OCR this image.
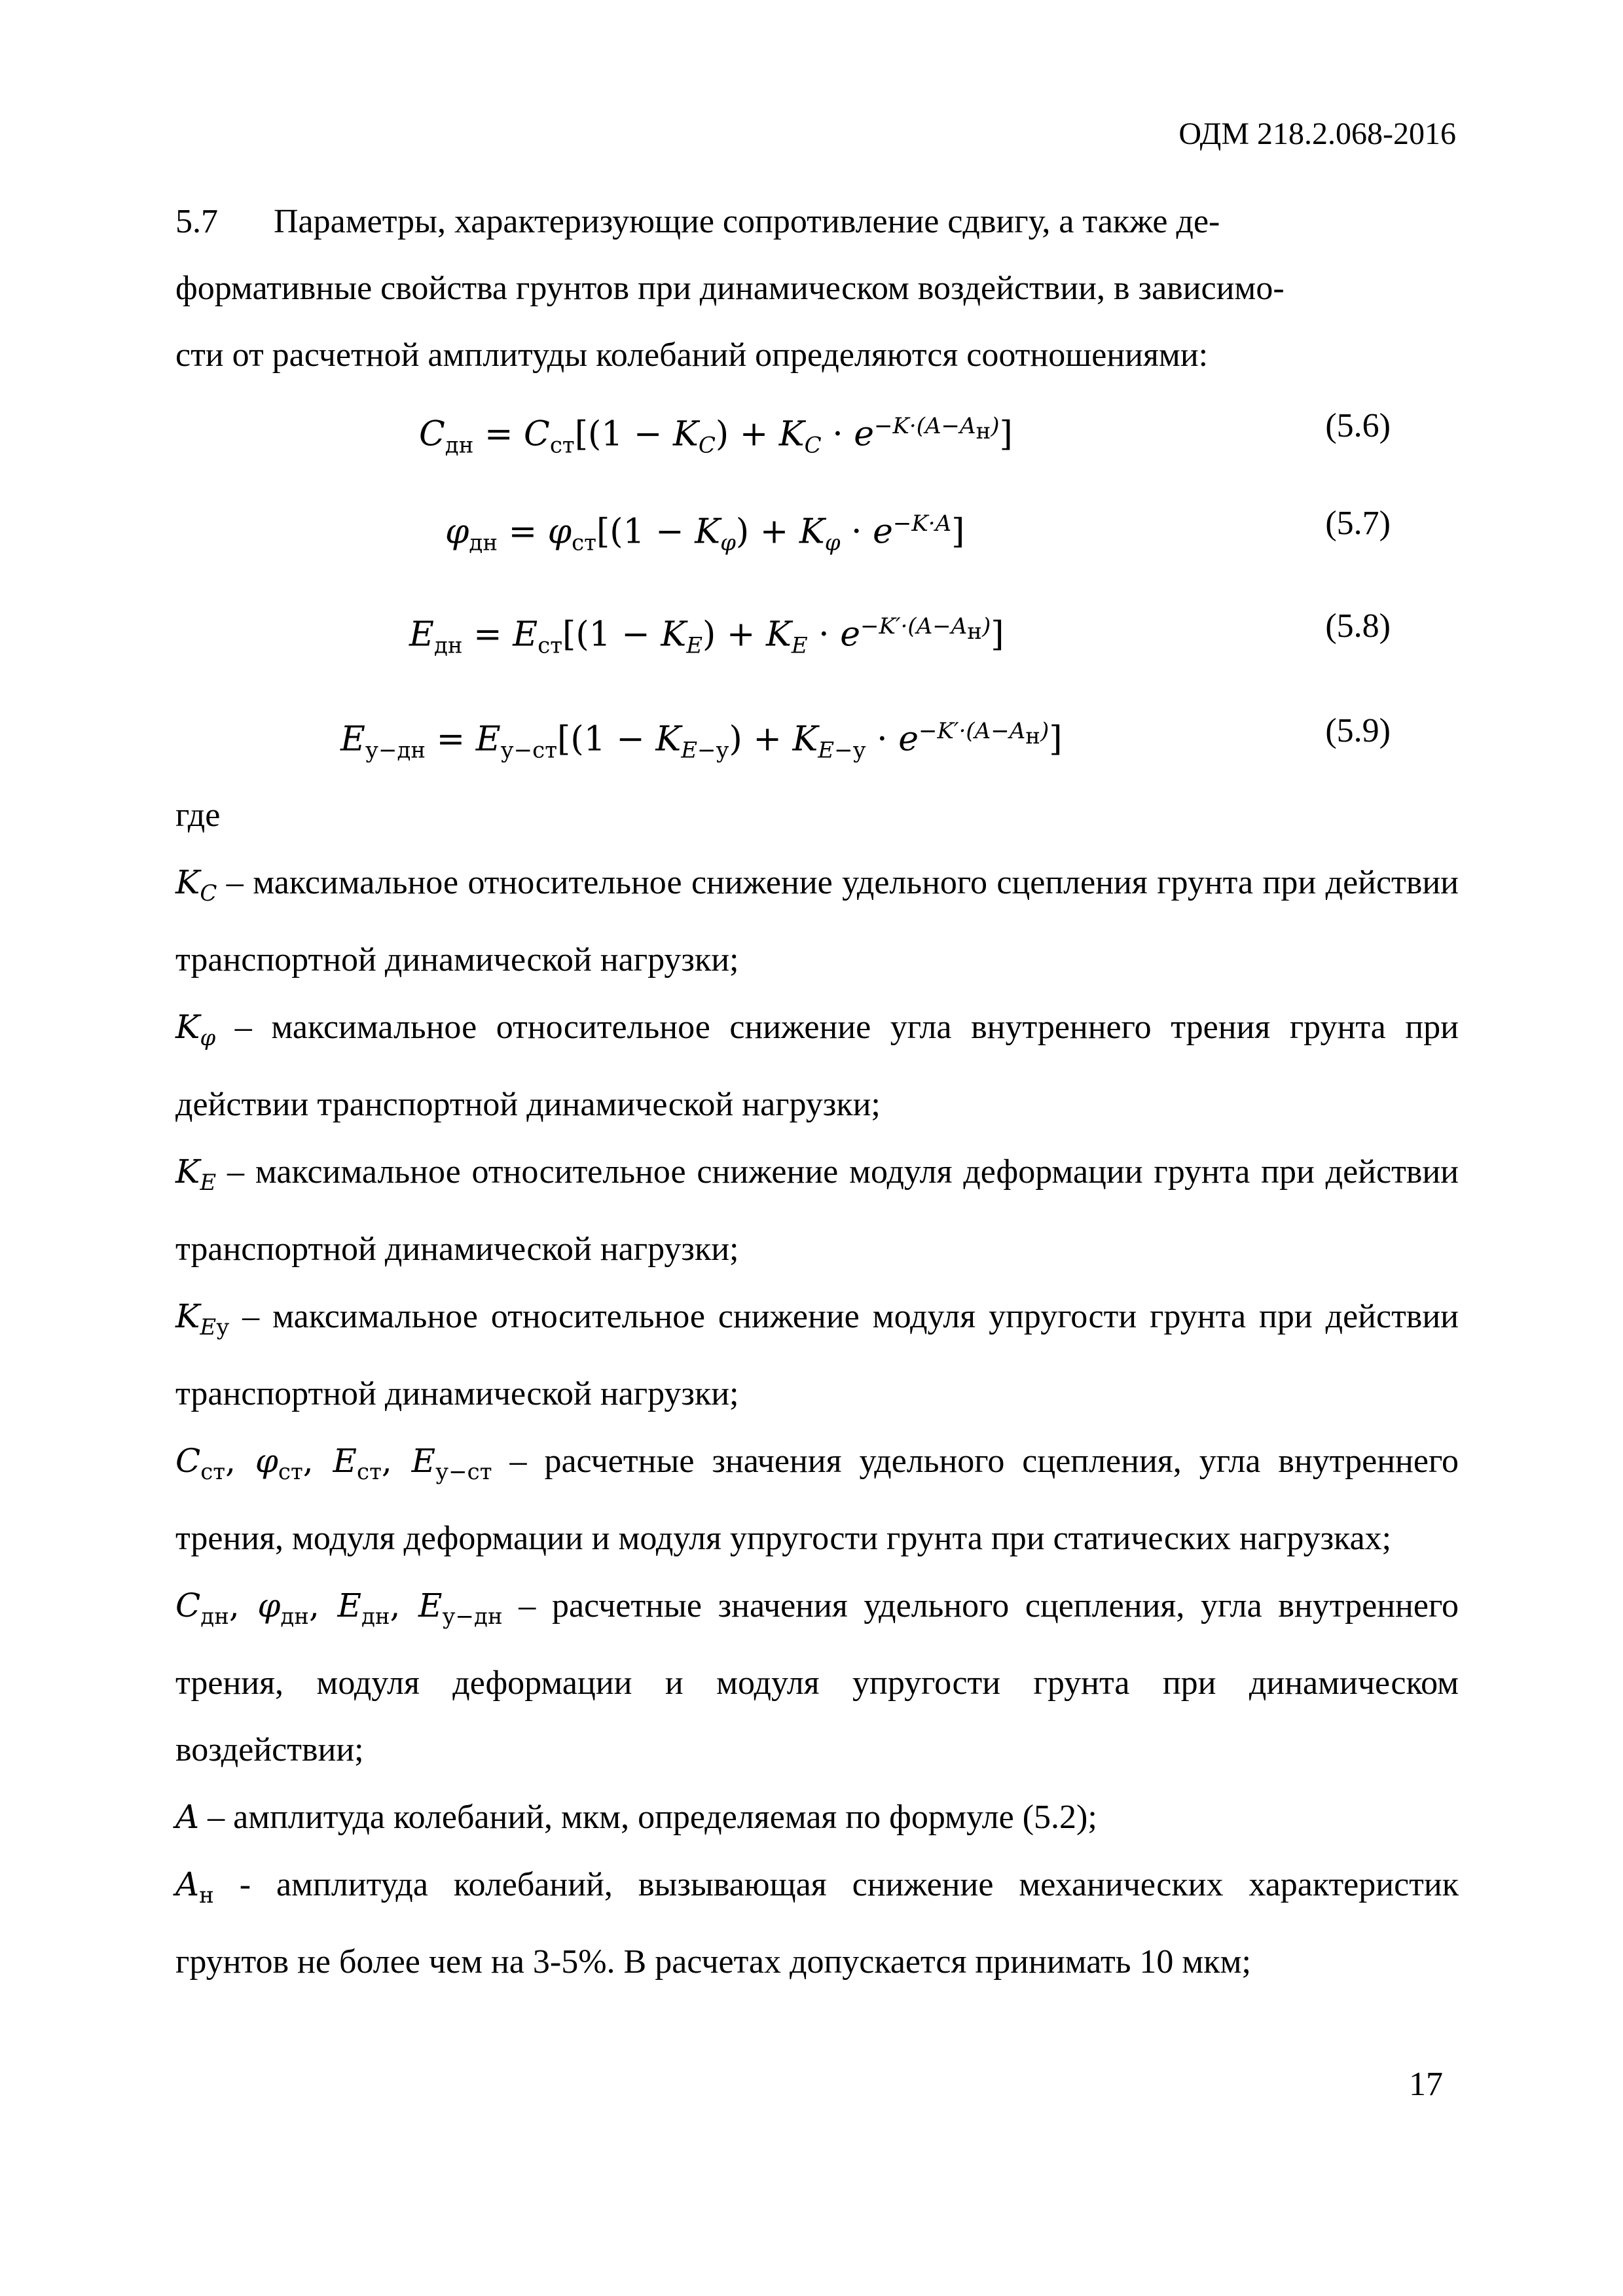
ОДМ 218.2.068-2016
5.7 Параметры, характеризующие сопротивление сдвигу, а также де-
формативные свойства грунтов при динамическом воздействии, в зависимо-
сти от расчетной амплитуды колебаний определяются соотношениями:
$C_{дн} = C_{ст}[(1 - K_C) + K_C \cdot e^{-K\cdot(A-A_н)}]$	(5.6)
$\varphi_{дн} = \varphi_{ст}[(1 - K_\varphi) + K_\varphi \cdot e^{-K\cdot A}]$	(5.7)
$E_{дн} = E_{ст}[(1 - K_E) + K_E \cdot e^{-K'\cdot(A-A_н)}]$	(5.8)
$E_{у-дн} = E_{у-ст}[(1 - K_{E-у}) + K_{E-у} \cdot e^{-K'\cdot(A-A_н)}]$	(5.9)

где

$K_C$ – максимальное относительное снижение удельного сцепления грунта при действии транспортной динамической нагрузки;

$K_\varphi$ – максимальное относительное снижение угла внутреннего трения грунта при действии транспортной динамической нагрузки;

$K_E$ – максимальное относительное снижение модуля деформации грунта при действии транспортной динамической нагрузки;

$K_{Eу}$ – максимальное относительное снижение модуля упругости грунта при действии транспортной динамической нагрузки;

$C_{ст}$, $\varphi_{ст}$, $E_{ст}$, $E_{у-ст}$ – расчетные значения удельного сцепления, угла внутреннего трения, модуля деформации и модуля упругости грунта при статических нагрузках;

$C_{дн}$, $\varphi_{дн}$, $E_{дн}$, $E_{у-дн}$ – расчетные значения удельного сцепления, угла внутреннего трения, модуля деформации и модуля упругости грунта при динамическом воздействии;

A – амплитуда колебаний, мкм, определяемая по формуле (5.2);

$A_н$ - амплитуда колебаний, вызывающая снижение механических характеристик грунтов не более чем на 3-5%. В расчетах допускается принимать 10 мкм;

17
